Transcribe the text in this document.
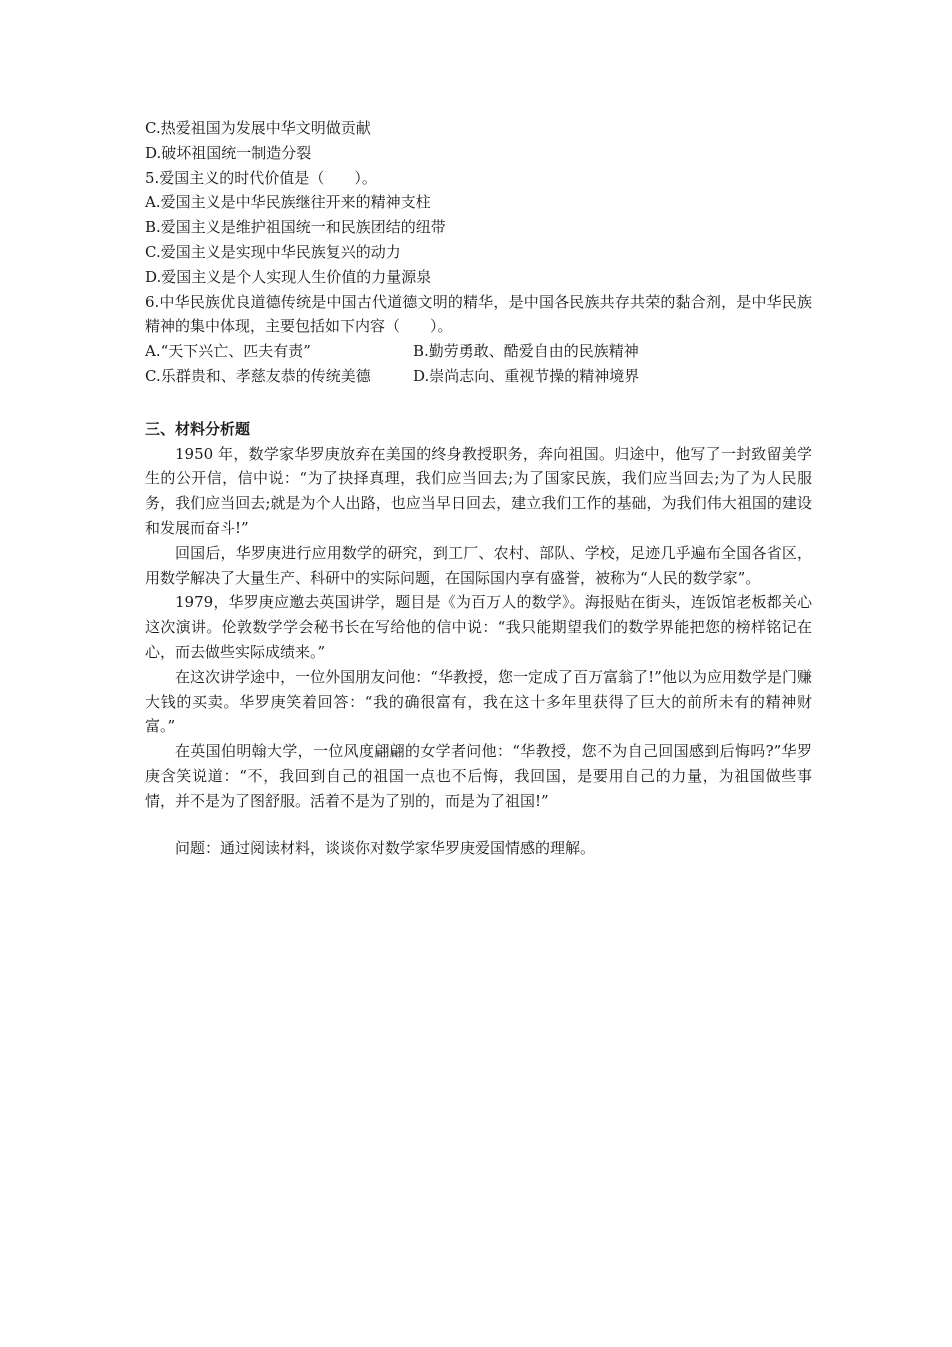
C.热爱祖国为发展中华文明做贡献
D.破坏祖国统一制造分裂
5.爱国主义的时代价值是（　　）。
A.爱国主义是中华民族继往开来的精神支柱
B.爱国主义是维护祖国统一和民族团结的纽带
C.爱国主义是实现中华民族复兴的动力
D.爱国主义是个人实现人生价值的力量源泉
6.中华民族优良道德传统是中国古代道德文明的精华，是中国各民族共存共荣的黏合剂，是中华民族精神的集中体现，主要包括如下内容（　　）。
A.“天下兴亡、匹夫有责”	B.勤劳勇敢、酷爱自由的民族精神
C.乐群贵和、孝慈友恭的传统美德	D.崇尚志向、重视节操的精神境界
三、材料分析题
1950 年，数学家华罗庚放弃在美国的终身教授职务，奔向祖国。归途中，他写了一封致留美学生的公开信，信中说：“为了抉择真理，我们应当回去;为了国家民族，我们应当回去;为了为人民服务，我们应当回去;就是为个人出路，也应当早日回去，建立我们工作的基础，为我们伟大祖国的建设和发展而奋斗!”
回国后，华罗庚进行应用数学的研究，到工厂、农村、部队、学校，足迹几乎遍布全国各省区，用数学解决了大量生产、科研中的实际问题，在国际国内享有盛誉，被称为“人民的数学家”。
1979，华罗庚应邀去英国讲学，题目是《为百万人的数学》。海报贴在街头，连饭馆老板都关心这次演讲。伦敦数学学会秘书长在写给他的信中说：“我只能期望我们的数学界能把您的榜样铭记在心，而去做些实际成绩来。”
在这次讲学途中，一位外国朋友问他：“华教授，您一定成了百万富翁了!”他以为应用数学是门赚大钱的买卖。华罗庚笑着回答：“我的确很富有，我在这十多年里获得了巨大的前所未有的精神财富。”
在英国伯明翰大学，一位风度翩翩的女学者问他：“华教授，您不为自己回国感到后悔吗?”华罗庚含笑说道：“不，我回到自己的祖国一点也不后悔，我回国，是要用自己的力量，为祖国做些事情，并不是为了图舒服。活着不是为了别的，而是为了祖国!”
问题：通过阅读材料，谈谈你对数学家华罗庚爱国情感的理解。
